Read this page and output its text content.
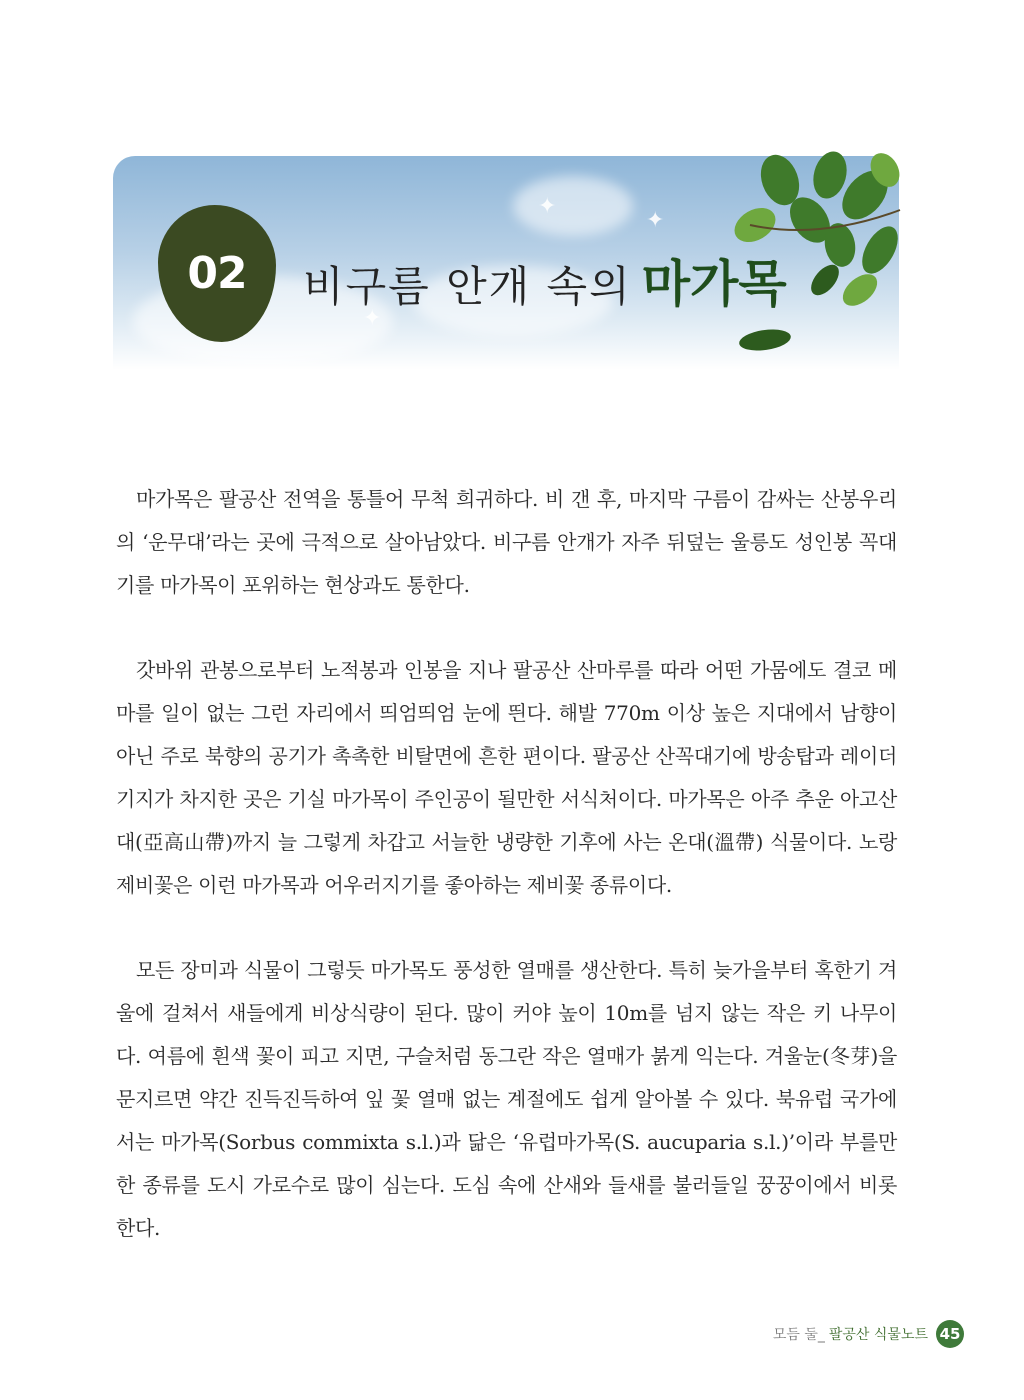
✦
✦
✦
02 비구름 안개 속의 마가목

마가목은 팔공산 전역을 통틀어 무척 희귀하다. 비 갠 후, 마지막 구름이 감싸는 산봉우리의 ‘운무대’라는 곳에 극적으로 살아남았다. 비구름 안개가 자주 뒤덮는 울릉도 성인봉 꼭대기를 마가목이 포위하는 현상과도 통한다.

갓바위 관봉으로부터 노적봉과 인봉을 지나 팔공산 산마루를 따라 어떤 가뭄에도 결코 메마를 일이 없는 그런 자리에서 띄엄띄엄 눈에 띈다. 해발 770m 이상 높은 지대에서 남향이 아닌 주로 북향의 공기가 촉촉한 비탈면에 흔한 편이다. 팔공산 산꼭대기에 방송탑과 레이더기지가 차지한 곳은 기실 마가목이 주인공이 될만한 서식처이다. 마가목은 아주 추운 아고산대(亞高山帶)까지 늘 그렇게 차갑고 서늘한 냉량한 기후에 사는 온대(溫帶) 식물이다. 노랑제비꽃은 이런 마가목과 어우러지기를 좋아하는 제비꽃 종류이다.

모든 장미과 식물이 그렇듯 마가목도 풍성한 열매를 생산한다. 특히 늦가을부터 혹한기 겨울에 걸쳐서 새들에게 비상식량이 된다. 많이 커야 높이 10m를 넘지 않는 작은 키 나무이다. 여름에 흰색 꽃이 피고 지면, 구슬처럼 동그란 작은 열매가 붉게 익는다. 겨울눈(冬芽)을 문지르면 약간 진득진득하여 잎 꽃 열매 없는 계절에도 쉽게 알아볼 수 있다. 북유럽 국가에서는 마가목(Sorbus commixta s.l.)과 닮은 ‘유럽마가목(S. aucuparia s.l.)’이라 부를만한 종류를 도시 가로수로 많이 심는다. 도심 속에 산새와 들새를 불러들일 꿍꿍이에서 비롯한다.

모듬 둘_ 팔공산 식물노트 45
